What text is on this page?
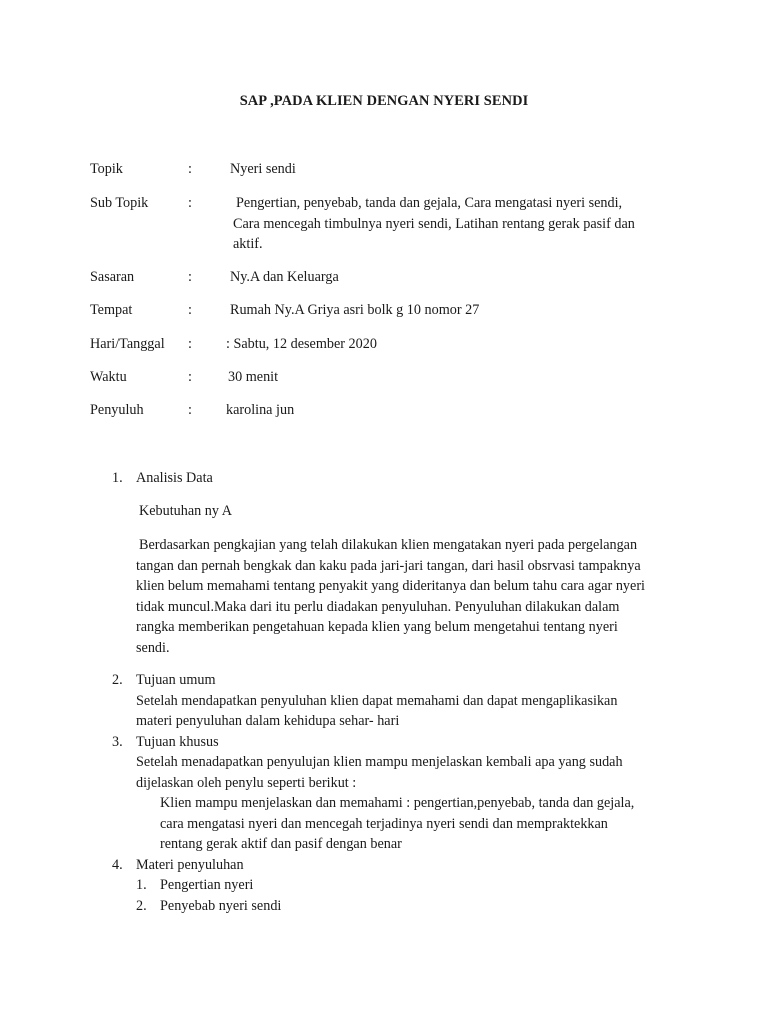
SAP ,PADA KLIEN DENGAN NYERI SENDI
Topik	:	Nyeri sendi
Sub Topik	:	Pengertian, penyebab, tanda dan gejala, Cara mengatasi nyeri sendi,
Cara mencegah timbulnya nyeri sendi, Latihan rentang gerak pasif dan
aktif.
Sasaran	:	Ny.A dan Keluarga
Tempat	:	Rumah Ny.A Griya asri bolk g 10 nomor 27
Hari/Tanggal : : Sabtu, 12 desember 2020
Waktu	:	30 menit
Penyuluh	: karolina jun
1. Analisis Data
Kebutuhan ny A
Berdasarkan pengkajian yang telah dilakukan klien mengatakan nyeri pada pergelangan
tangan dan pernah bengkak dan kaku pada jari-jari tangan, dari hasil obsrvasi tampaknya
klien belum memahami tentang penyakit yang dideritanya dan belum tahu cara agar nyeri
tidak muncul.Maka dari itu perlu diadakan penyuluhan. Penyuluhan dilakukan dalam
rangka memberikan pengetahuan kepada klien yang belum mengetahui tentang nyeri
sendi.
2. Tujuan umum
Setelah mendapatkan penyuluhan klien dapat memahami dan dapat mengaplikasikan
materi penyuluhan dalam kehidupa sehar- hari
3. Tujuan khusus
Setelah menadapatkan penyulujan klien mampu menjelaskan kembali apa yang sudah
dijelaskan oleh penylu seperti berikut :
Klien mampu menjelaskan dan memahami : pengertian,penyebab, tanda dan gejala,
cara mengatasi nyeri dan mencegah terjadinya nyeri sendi dan mempraktekkan
rentang gerak aktif dan pasif dengan benar
4. Materi penyuluhan
1. Pengertian nyeri
2. Penyebab nyeri sendi
